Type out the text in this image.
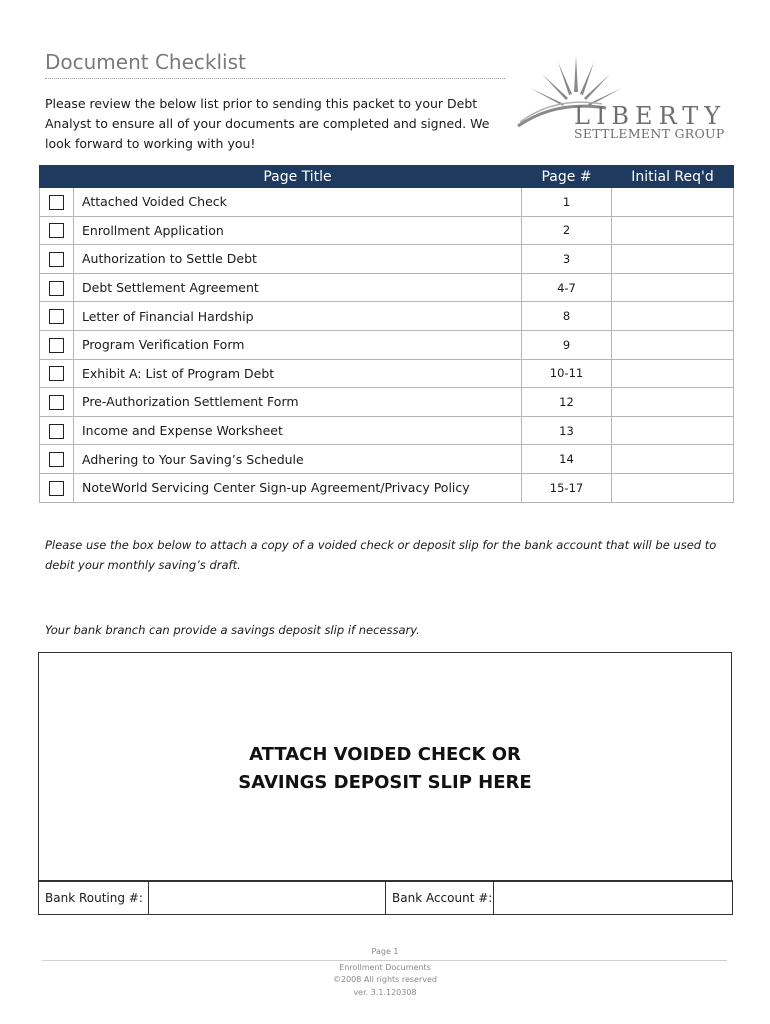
Document Checklist
Please review the below list prior to sending this packet to your Debt Analyst to ensure all of your documents are completed and signed. We look forward to working with you!
LIBERTY
SETTLEMENT GROUP
	Page Title	Page #	Initial Req'd
	Attached Voided Check	1	
	Enrollment Application	2	
	Authorization to Settle Debt	3	
	Debt Settlement Agreement	4-7	
	Letter of Financial Hardship	8	
	Program Verification Form	9	
	Exhibit A: List of Program Debt	10-11	
	Pre-Authorization Settlement Form	12	
	Income and Expense Worksheet	13	
	Adhering to Your Saving’s Schedule	14	
	NoteWorld Servicing Center Sign-up Agreement/Privacy Policy	15-17	
Please use the box below to attach a copy of a voided check or deposit slip for the bank account that will be used to debit your monthly saving’s draft.
Your bank branch can provide a savings deposit slip if necessary.
ATTACH VOIDED CHECK OR
SAVINGS DEPOSIT SLIP HERE
Bank Routing #:		Bank Account #:	
Page 1
Enrollment Documents
©2008 All rights reserved
ver. 3.1.120308
